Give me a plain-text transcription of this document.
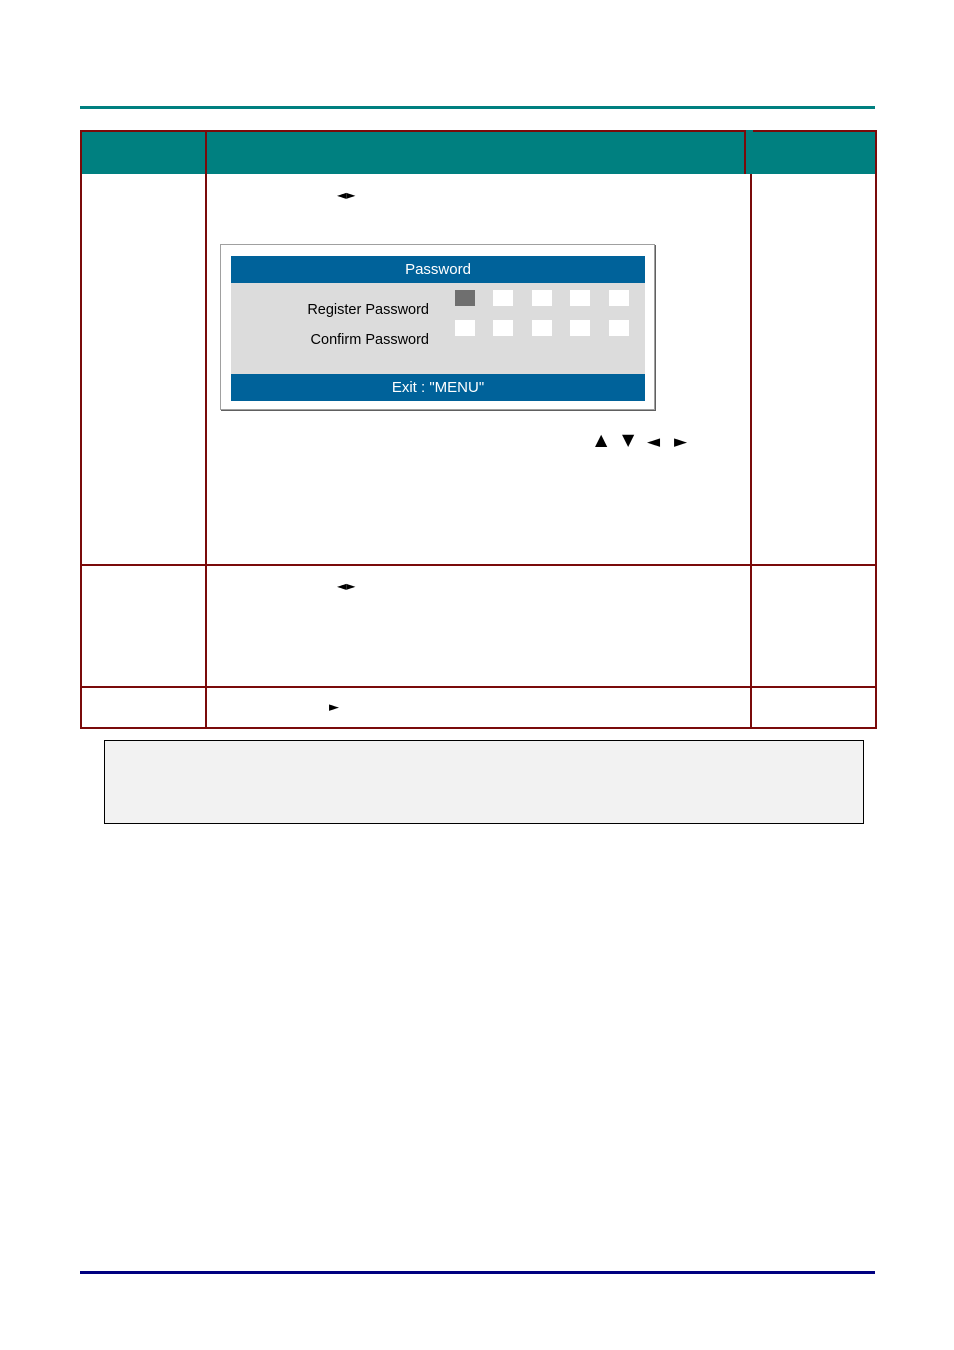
◄►
Password
Register Password
Confirm Password
Exit : "MENU"
▲ ▼ ◄ ►
◄►
►
